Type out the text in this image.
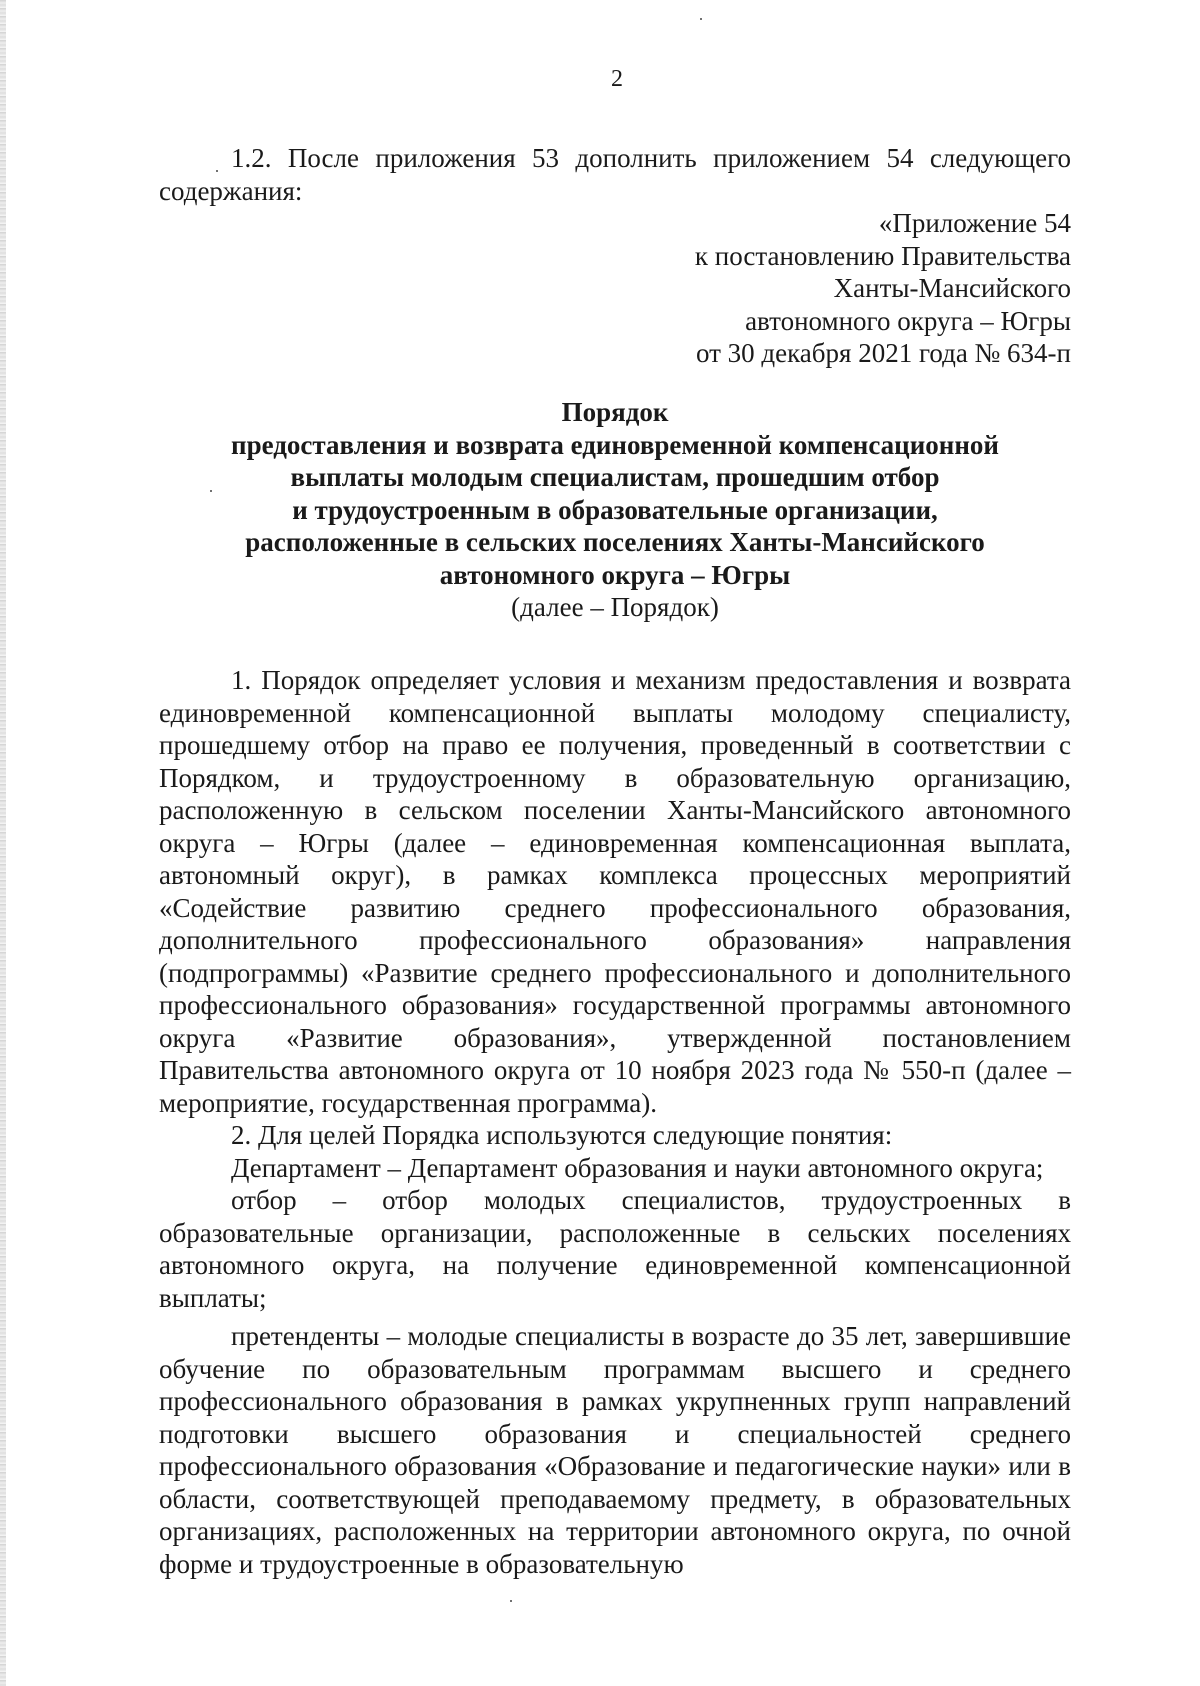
2
1.2. После приложения 53 дополнить приложением 54 следующего содержания:
«Приложение 54
к постановлению Правительства
Ханты-Мансийского
автономного округа – Югры
от 30 декабря 2021 года № 634-п
Порядок
предоставления и возврата единовременной компенсационной
выплаты молодым специалистам, прошедшим отбор
и трудоустроенным в образовательные организации,
расположенные в сельских поселениях Ханты-Мансийского
автономного округа – Югры
(далее – Порядок)

1. Порядок определяет условия и механизм предоставления и возврата единовременной компенсационной выплаты молодому специалисту, прошедшему отбор на право ее получения, проведенный в соответствии с Порядком, и трудоустроенному в образовательную организацию, расположенную в сельском поселении Ханты-Мансийского автономного округа – Югры (далее – единовременная компенсационная выплата, автономный округ), в рамках комплекса процессных мероприятий «Содействие развитию среднего профессионального образования, дополнительного профессионального образования» направления (подпрограммы) «Развитие среднего профессионального и дополнительного профессионального образования» государственной программы автономного округа «Развитие образования», утвержденной постановлением Правительства автономного округа от 10 ноября 2023 года № 550-п (далее – мероприятие, государственная программа).

2. Для целей Порядка используются следующие понятия:

Департамент – Департамент образования и науки автономного округа;

отбор – отбор молодых специалистов, трудоустроенных в образовательные организации, расположенные в сельских поселениях автономного округа, на получение единовременной компенсационной выплаты;

претенденты – молодые специалисты в возрасте до 35 лет, завершившие обучение по образовательным программам высшего и среднего профессионального образования в рамках укрупненных групп направлений подготовки высшего образования и специальностей среднего профессионального образования «Образование и педагогические науки» или в области, соответствующей преподаваемому предмету, в образовательных организациях, расположенных на территории автономного округа, по очной форме и трудоустроенные в образовательную
